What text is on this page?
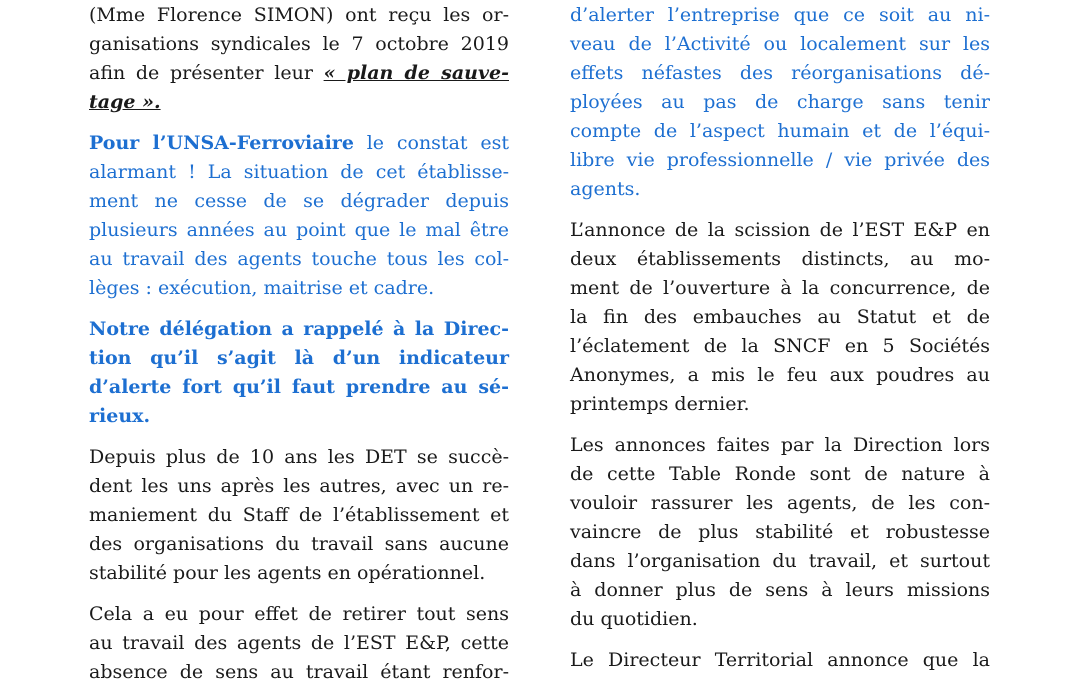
(Mme Florence SIMON) ont reçu les or-
ganisations syndicales le 7 octobre 2019
afin de présenter leur « plan de sauve-
tage ».

Pour l’UNSA-Ferroviaire le constat est
alarmant ! La situation de cet établisse-
ment ne cesse de se dégrader depuis
plusieurs années au point que le mal être
au travail des agents touche tous les col-
lèges : exécution, maitrise et cadre.

Notre délégation a rappelé à la Direc-
tion qu’il s’agit là d’un indicateur
d’alerte fort qu’il faut prendre au sé-
rieux.

Depuis plus de 10 ans les DET se succè-
dent les uns après les autres, avec un re-
maniement du Staff de l’établissement et
des organisations du travail sans aucune
stabilité pour les agents en opérationnel.

Cela a eu pour effet de retirer tout sens
au travail des agents de l’EST E&P, cette
absence de sens au travail étant renfor-

d’alerter l’entreprise que ce soit au ni-
veau de l’Activité ou localement sur les
effets néfastes des réorganisations dé-
ployées au pas de charge sans tenir
compte de l’aspect humain et de l’équi-
libre vie professionnelle / vie privée des
agents.

L’annonce de la scission de l’EST E&P en
deux établissements distincts, au mo-
ment de l’ouverture à la concurrence, de
la fin des embauches au Statut et de
l’éclatement de la SNCF en 5 Sociétés
Anonymes, a mis le feu aux poudres au
printemps dernier.

Les annonces faites par la Direction lors
de cette Table Ronde sont de nature à
vouloir rassurer les agents, de les con-
vaincre de plus stabilité et robustesse
dans l’organisation du travail, et surtout
à donner plus de sens à leurs missions
du quotidien.

Le Directeur Territorial annonce que la
